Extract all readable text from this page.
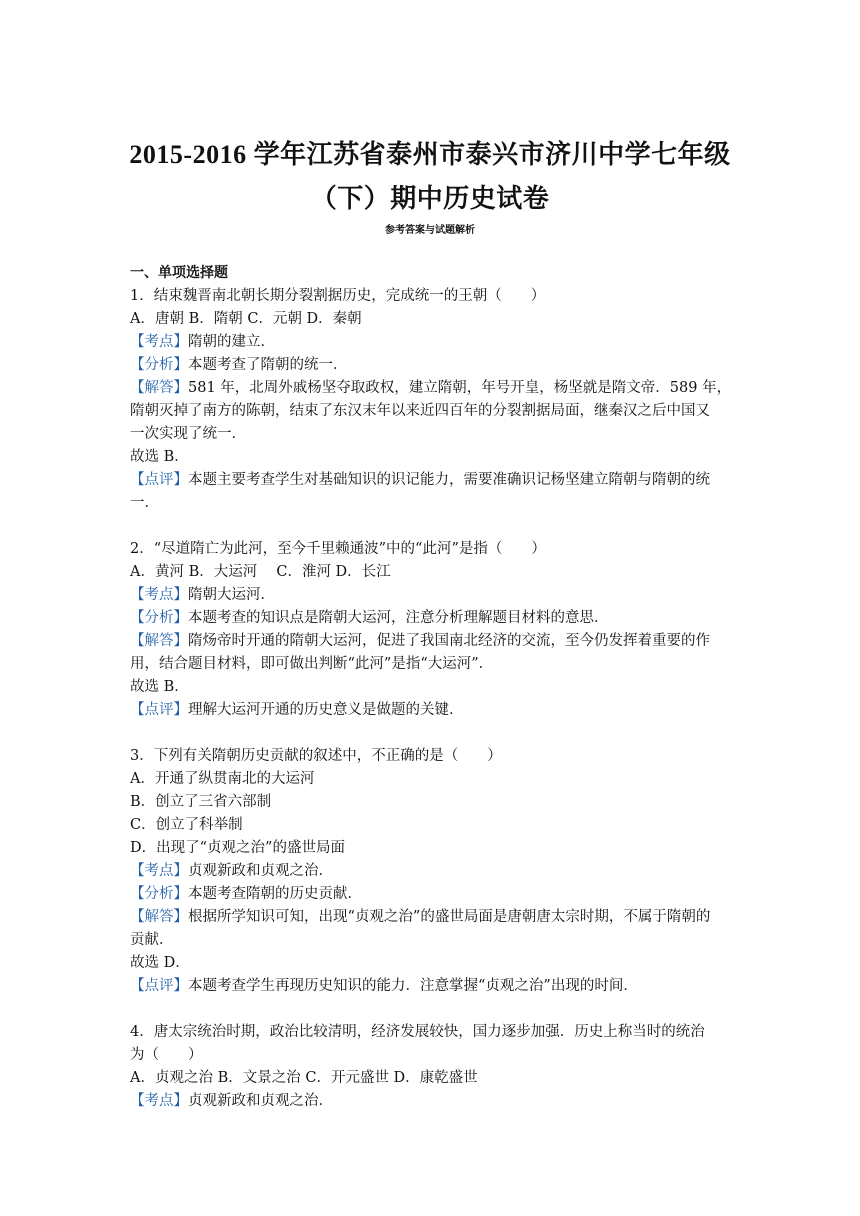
2015-2016 学年江苏省泰州市泰兴市济川中学七年级
（下）期中历史试卷
参考答案与试题解析

一、单项选择题

1．结束魏晋南北朝长期分裂割据历史，完成统一的王朝（　　）

A．唐朝 B．隋朝 C．元朝 D．秦朝

【考点】隋朝的建立．

【分析】本题考查了隋朝的统一．

【解答】581 年，北周外戚杨坚夺取政权，建立隋朝，年号开皇，杨坚就是隋文帝．589 年，

隋朝灭掉了南方的陈朝，结束了东汉末年以来近四百年的分裂割据局面，继秦汉之后中国又

一次实现了统一．

故选 B．

【点评】本题主要考查学生对基础知识的识记能力，需要准确识记杨坚建立隋朝与隋朝的统

一．

2．“尽道隋亡为此河，至今千里赖通波”中的“此河”是指（　　）

A．黄河 B．大运河　 C．淮河 D．长江

【考点】隋朝大运河．

【分析】本题考查的知识点是隋朝大运河，注意分析理解题目材料的意思．

【解答】隋炀帝时开通的隋朝大运河，促进了我国南北经济的交流，至今仍发挥着重要的作

用，结合题目材料，即可做出判断“此河”是指“大运河”．

故选 B．

【点评】理解大运河开通的历史意义是做题的关键．

3．下列有关隋朝历史贡献的叙述中，不正确的是（　　）

A．开通了纵贯南北的大运河

B．创立了三省六部制

C．创立了科举制

D．出现了“贞观之治”的盛世局面

【考点】贞观新政和贞观之治．

【分析】本题考查隋朝的历史贡献．

【解答】根据所学知识可知，出现“贞观之治”的盛世局面是唐朝唐太宗时期，不属于隋朝的

贡献．

故选 D．

【点评】本题考查学生再现历史知识的能力．注意掌握“贞观之治”出现的时间．

4．唐太宗统治时期，政治比较清明，经济发展较快，国力逐步加强．历史上称当时的统治

为（　　）

A．贞观之治 B．文景之治 C．开元盛世 D．康乾盛世

【考点】贞观新政和贞观之治．
